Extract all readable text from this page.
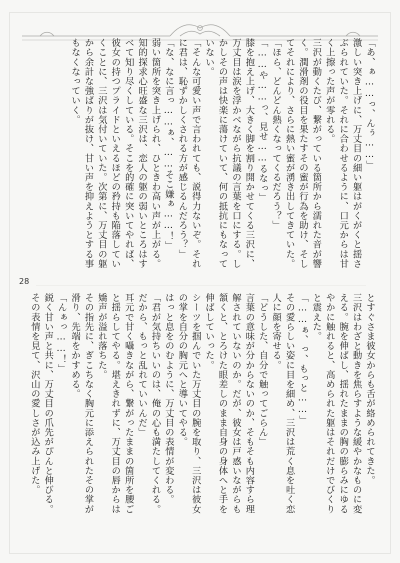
「あ、ぁ……っ、んぅ……」
激しい突き上げに、万丈目の細い躯はがくがくと揺さぶられていた。それに合わせるように、口元からは甘く上擦った声が零れる。
三沢が動くたび、繋がっている箇所から濡れた音が響く。潤滑剤の役目を果たすその蜜が行為を助け、そしてそれにより、さらに熱い蜜が湧き出してきていた。
「ほら、どんどん熱くなってくるだろう？」
「……や……っ、見せ……るなっ」
膝を抱え上げ、大きく脚を割り開かせてくる三沢に、万丈目は涙を浮かべながら抗議の言葉を口にする。しかしその声は快楽に蕩けていて、何の抵抗にもなっていない。
「そんな可愛い声で言われても、説得力ないぞ。それに君は、恥ずかしくされる方が感じるんだろう？」
「な、なに言っ……ぁ、……そこ嫌ぁ……！」
弱い箇所を突き上げられ、ひときわ高い声が上がる。
知的探求心旺盛な三沢は、恋人の躯の弱いところはすべて知り尽くしている。そこを的確に突いてやれば、彼女の持つプライドといえるほどの矜持も陥落していくことに、三沢は気付いていた。次第に、万丈目の躯から余計な強ばりが抜け、甘い声を抑えようとする事もなくなっていく。
28
とすぐさま彼女からも舌が絡められてきた。
三沢はわざと動きを焦らすような緩やかなものに変える。腕を伸ばし、揺れたままの胸の膨らみにゆるやかに触れると、高められた躯はそれだけでびくりと震えた。
「……ぁ、っ、もっと……」
その愛らしい姿に目を細め、三沢は荒く息を吐く恋人に顔を寄せる。
「どうした、自分で触ってごらん」
言葉の意味が分からないのか、そもそも内容すら理解されていないのか。だが、彼女は戸惑いながらも頷くと、とろけた眼差しのまま自身の身体へと手を伸ばしていった。
シーツを掴んでいた万丈目の腕を取り、三沢は彼女の掌を自分の胸元へと導いてやる。
はっと息をのむように、万丈目の表情が変わる。
「君が気持ちいいのは、俺の心も満たしてくれる。だから、もっと乱れていいんだ」
耳元で甘く囁きながら、繋がったままの箇所を腰ごと揺らしてやる。堪えきれずに、万丈目の唇からは嬌声が溢れ落ちた。
その指先に、ぎこちなく胸元に添えられたその掌が滑り、先端をかすめる。
「んぁっ……！」
鋭く甘い声と共に、万丈目の爪先がぴんと伸びる。
その表情を見て、沢山の愛しさが込み上げた。
